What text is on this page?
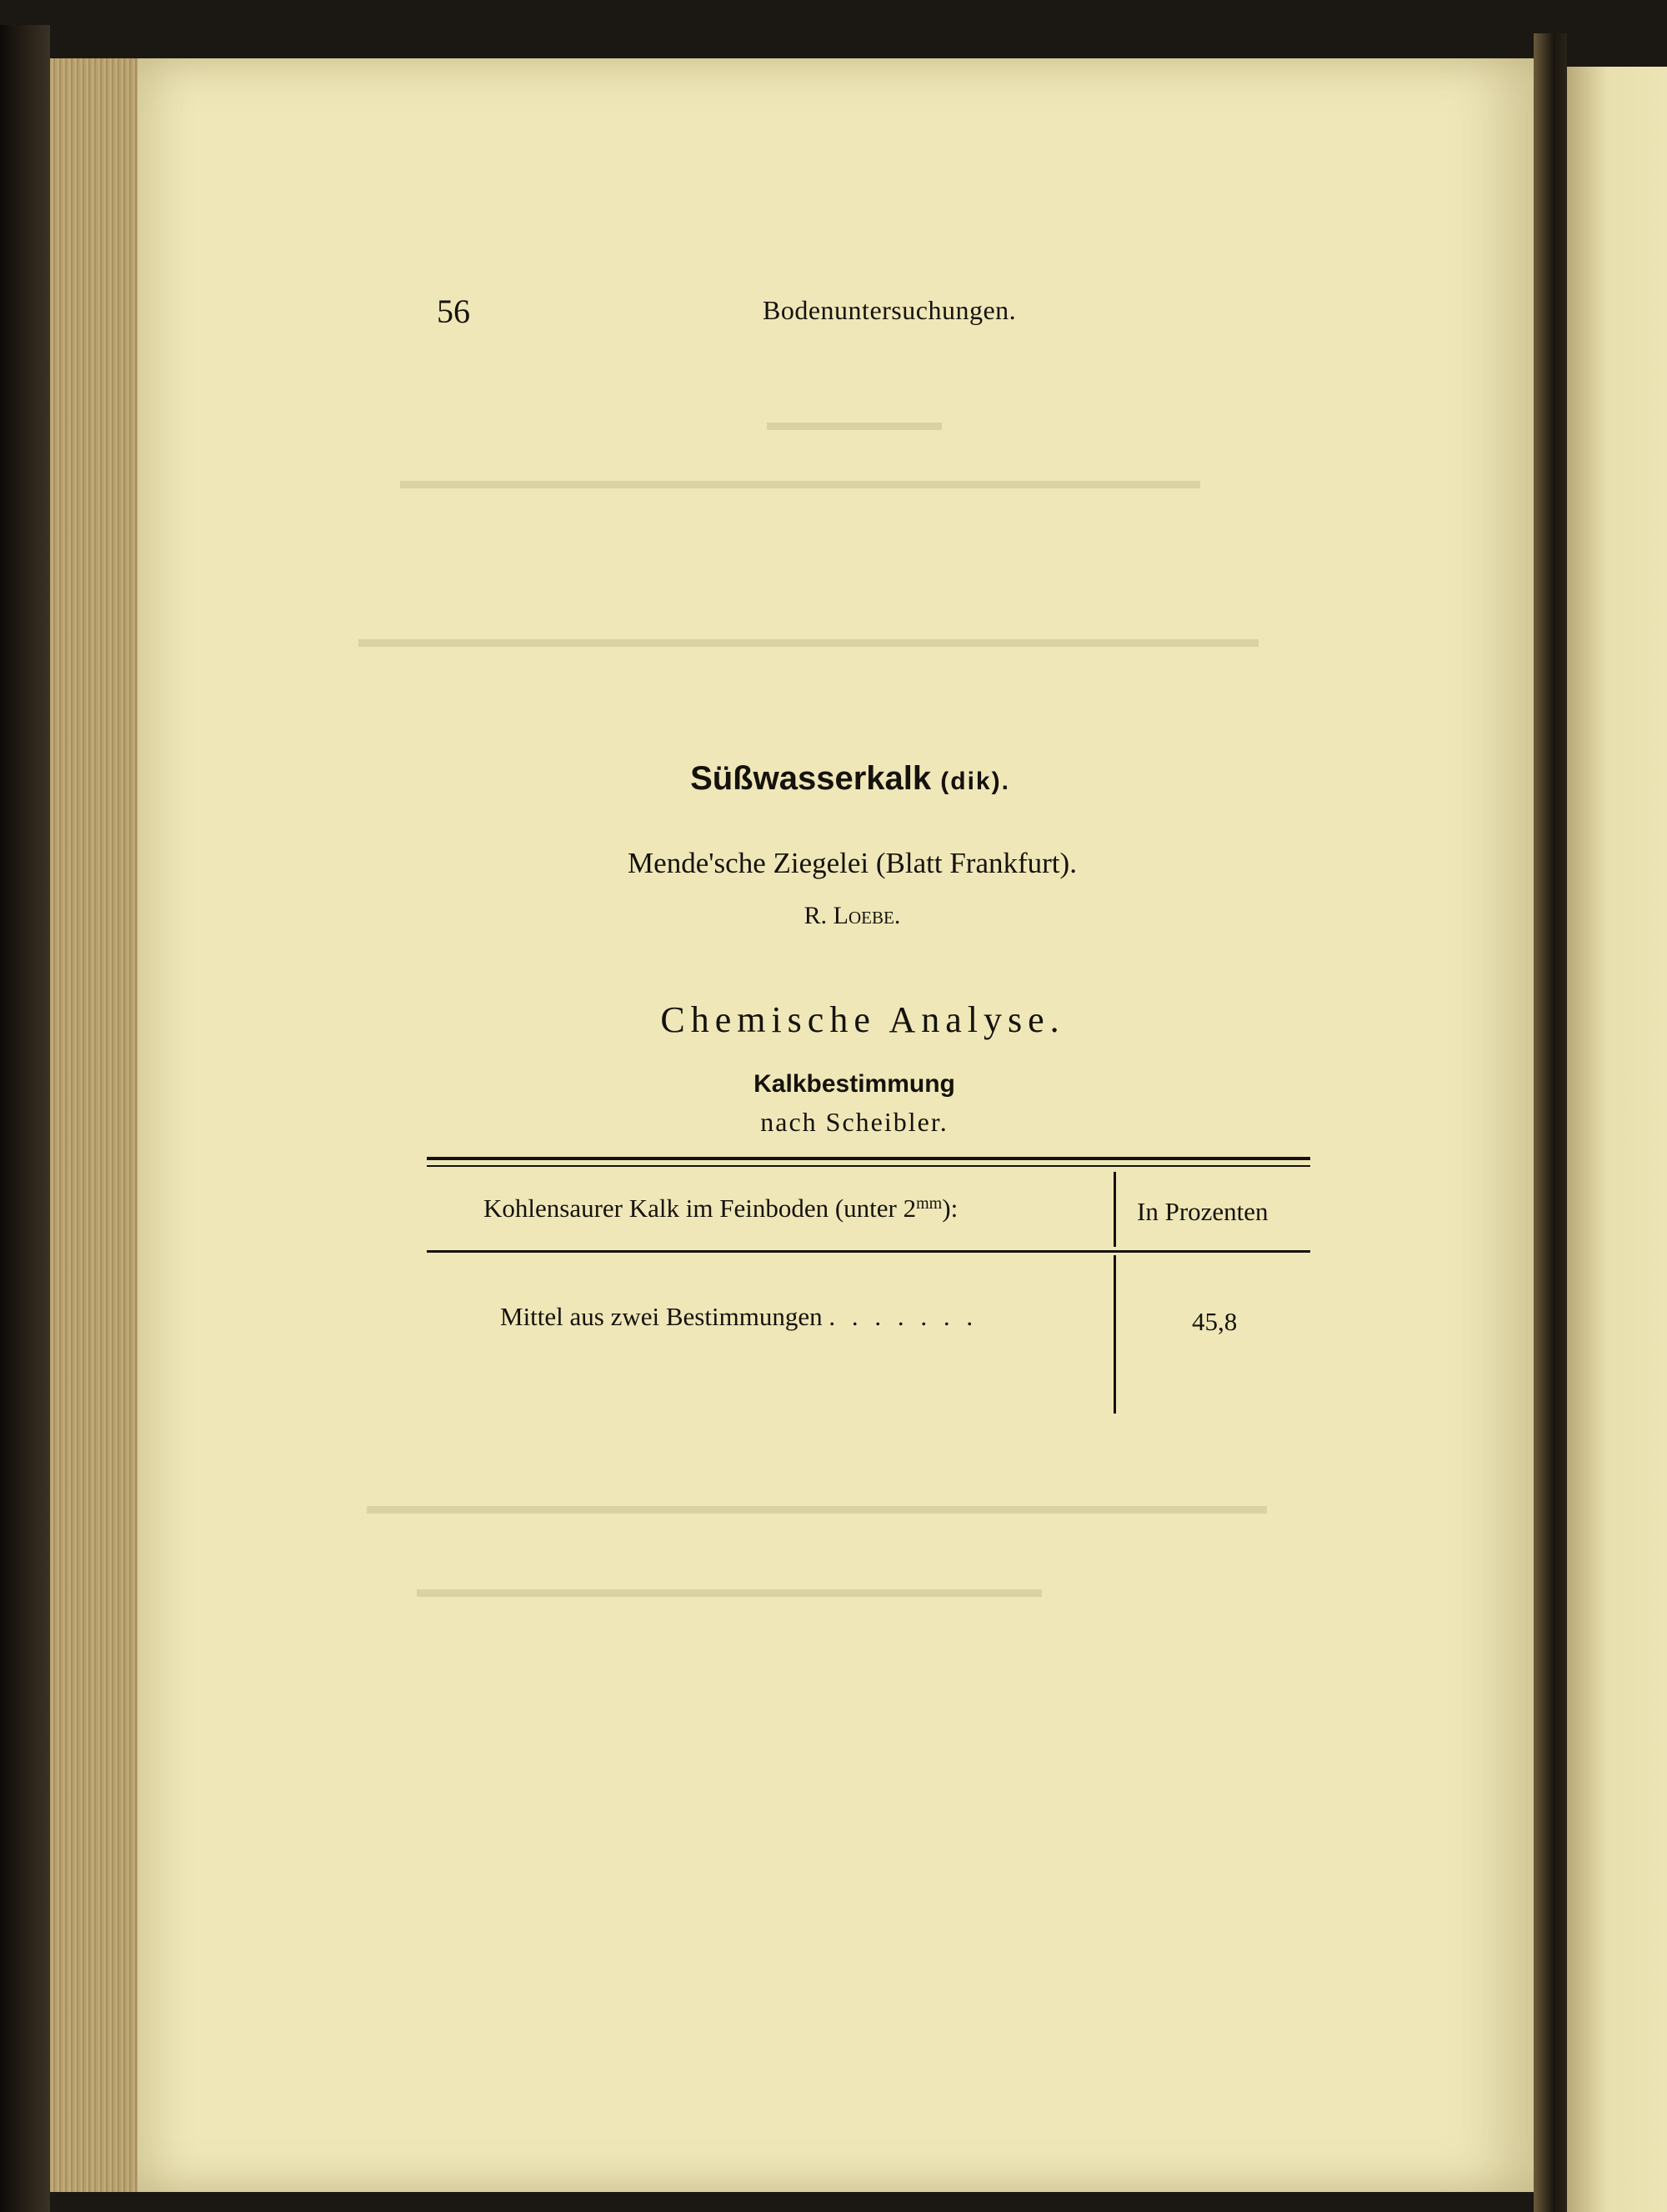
▬▬▬▬▬▬▬
▬▬▬▬▬▬▬▬▬▬▬▬▬▬▬▬▬▬▬▬▬▬▬▬▬▬▬▬▬▬▬▬
▬▬▬▬▬▬▬▬▬▬▬▬▬▬▬▬▬▬▬▬▬▬▬▬▬▬▬▬▬▬▬▬▬▬▬▬
▬▬▬▬▬▬▬▬▬▬▬▬▬▬▬▬▬▬▬▬▬▬▬▬▬▬▬▬▬▬▬▬▬▬▬▬
▬▬▬▬▬▬▬▬▬▬▬▬▬▬▬▬▬▬▬▬▬▬▬▬▬
56	Bodenuntersuchungen.
Süßwasserkalk (dik).
Mende'sche Ziegelei (Blatt Frankfurt).
R. Loebe.
Chemische Analyse.
Kalkbestimmung
nach Scheibler.
Kohlensaurer Kalk im Feinboden (unter $2^{mm}$):	In Prozenten
Mittel aus zwei Bestimmungen . . . . . . .	45,8
